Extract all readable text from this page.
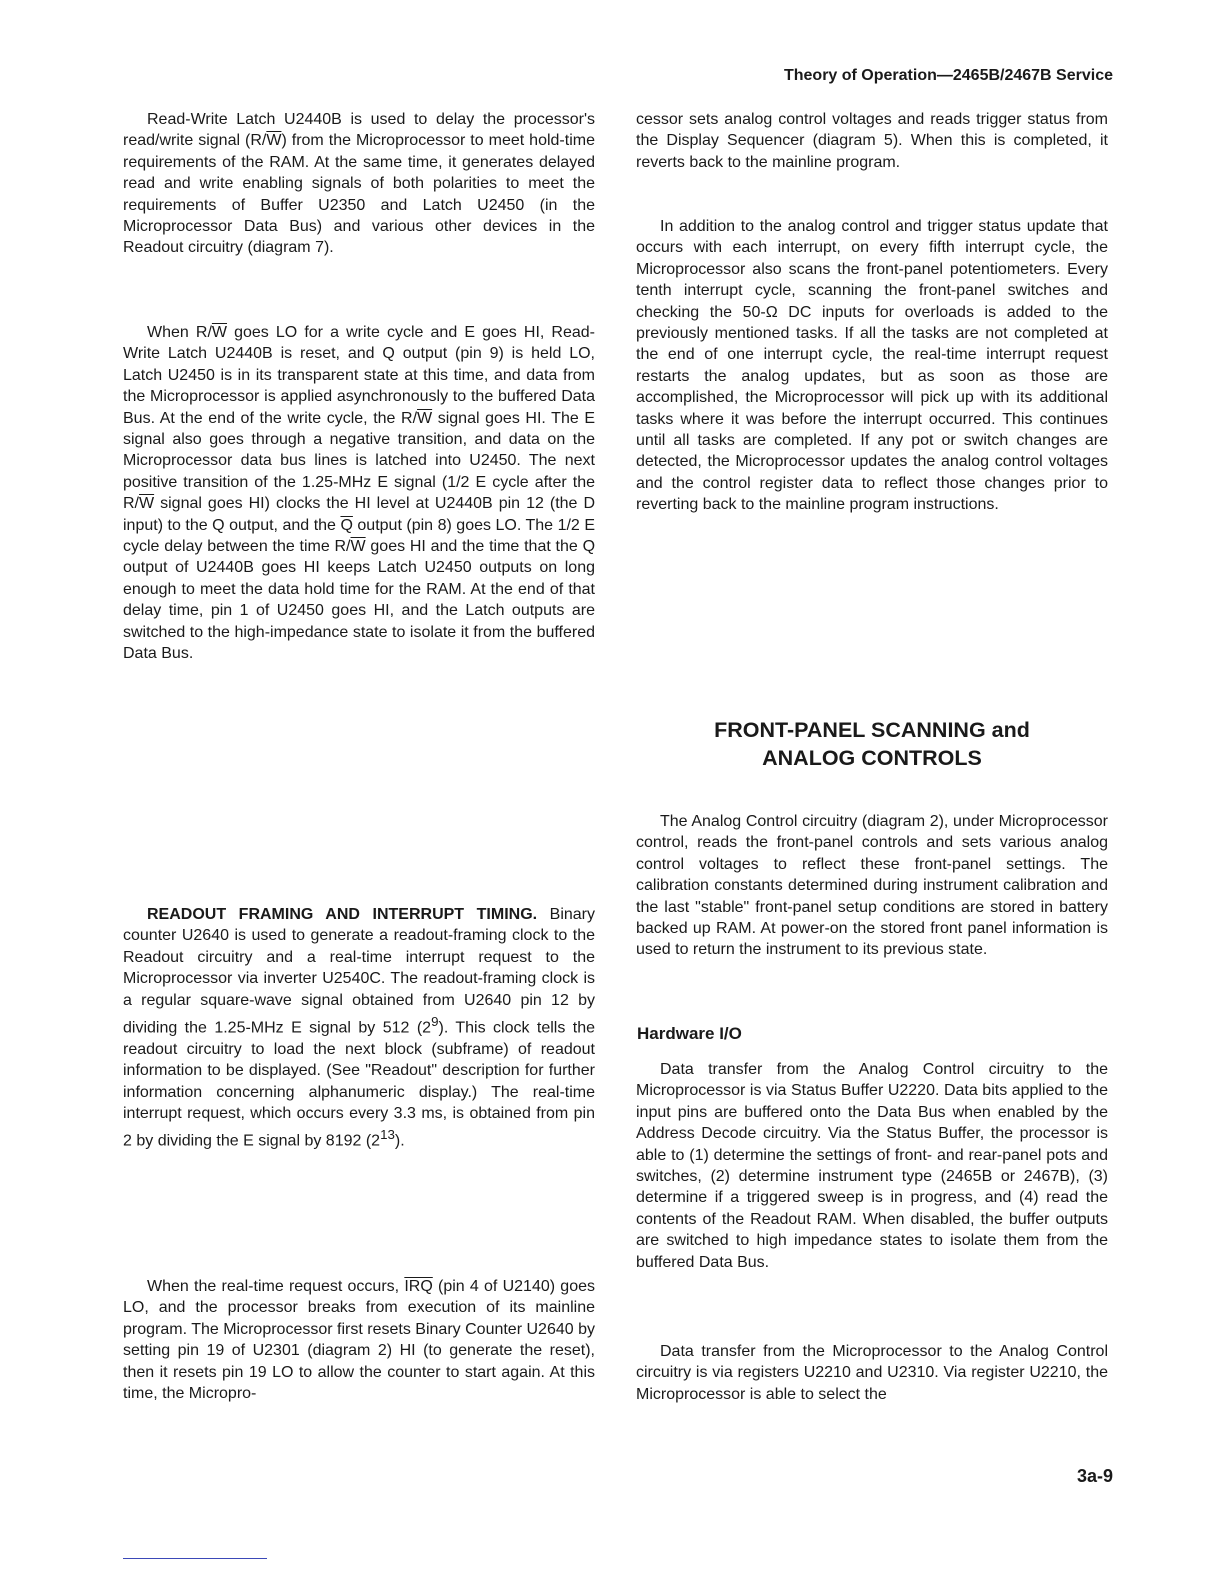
Theory of Operation—2465B/2467B Service

Read-Write Latch U2440B is used to delay the processor's read/write signal $(R/\overline{W})$ from the Microprocessor to meet hold-time requirements of the RAM. At the same time, it generates delayed read and write enabling signals of both polarities to meet the requirements of Buffer U2350 and Latch U2450 (in the Microprocessor Data Bus) and various other devices in the Readout circuitry (diagram 7).

When $R/\overline{W}$ goes LO for a write cycle and E goes HI, Read-Write Latch U2440B is reset, and Q output (pin 9) is held LO, Latch U2450 is in its transparent state at this time, and data from the Microprocessor is applied asynchronously to the buffered Data Bus. At the end of the write cycle, the $R/\overline{W}$ signal goes HI. The E signal also goes through a negative transition, and data on the Microprocessor data bus lines is latched into U2450. The next positive transition of the 1.25-MHz E signal (1/2 E cycle after the $R/\overline{W}$ signal goes HI) clocks the HI level at U2440B pin 12 (the D input) to the Q output, and the $\overline{Q}$ output (pin 8) goes LO. The 1/2 E cycle delay between the time $R/\overline{W}$ goes HI and the time that the Q output of U2440B goes HI keeps Latch U2450 outputs on long enough to meet the data hold time for the RAM. At the end of that delay time, pin 1 of U2450 goes HI, and the Latch outputs are switched to the high-impedance state to isolate it from the buffered Data Bus.

READOUT FRAMING AND INTERRUPT TIMING. Binary counter U2640 is used to generate a readout-framing clock to the Readout circuitry and a real-time interrupt request to the Microprocessor via inverter U2540C. The readout-framing clock is a regular square-wave signal obtained from U2640 pin 12 by dividing the 1.25-MHz E signal by 512 $(2^9)$. This clock tells the readout circuitry to load the next block (subframe) of readout information to be displayed. (See "Readout" description for further information concerning alphanumeric display.) The real-time interrupt request, which occurs every 3.3 ms, is obtained from pin 2 by dividing the E signal by 8192 $(2^{13})$.

When the real-time request occurs, $\overline{IRQ}$ (pin 4 of U2140) goes LO, and the processor breaks from execution of its mainline program. The Microprocessor first resets Binary Counter U2640 by setting pin 19 of U2301 (diagram 2) HI (to generate the reset), then it resets pin 19 LO to allow the counter to start again. At this time, the Micropro-

cessor sets analog control voltages and reads trigger status from the Display Sequencer (diagram 5). When this is completed, it reverts back to the mainline program.

In addition to the analog control and trigger status update that occurs with each interrupt, on every fifth interrupt cycle, the Microprocessor also scans the front-panel potentiometers. Every tenth interrupt cycle, scanning the front-panel switches and checking the 50-Ω DC inputs for overloads is added to the previously mentioned tasks. If all the tasks are not completed at the end of one interrupt cycle, the real-time interrupt request restarts the analog updates, but as soon as those are accomplished, the Microprocessor will pick up with its additional tasks where it was before the interrupt occurred. This continues until all tasks are completed. If any pot or switch changes are detected, the Microprocessor updates the analog control voltages and the control register data to reflect those changes prior to reverting back to the mainline program instructions.

FRONT-PANEL SCANNING and
ANALOG CONTROLS

The Analog Control circuitry (diagram 2), under Microprocessor control, reads the front-panel controls and sets various analog control voltages to reflect these front-panel settings. The calibration constants determined during instrument calibration and the last "stable" front-panel setup conditions are stored in battery backed up RAM. At power-on the stored front panel information is used to return the instrument to its previous state.

Hardware I/O

Data transfer from the Analog Control circuitry to the Microprocessor is via Status Buffer U2220. Data bits applied to the input pins are buffered onto the Data Bus when enabled by the Address Decode circuitry. Via the Status Buffer, the processor is able to (1) determine the settings of front- and rear-panel pots and switches, (2) determine instrument type (2465B or 2467B), (3) determine if a triggered sweep is in progress, and (4) read the contents of the Readout RAM. When disabled, the buffer outputs are switched to high impedance states to isolate them from the buffered Data Bus.

Data transfer from the Microprocessor to the Analog Control circuitry is via registers U2210 and U2310. Via register U2210, the Microprocessor is able to select the

3a-9
